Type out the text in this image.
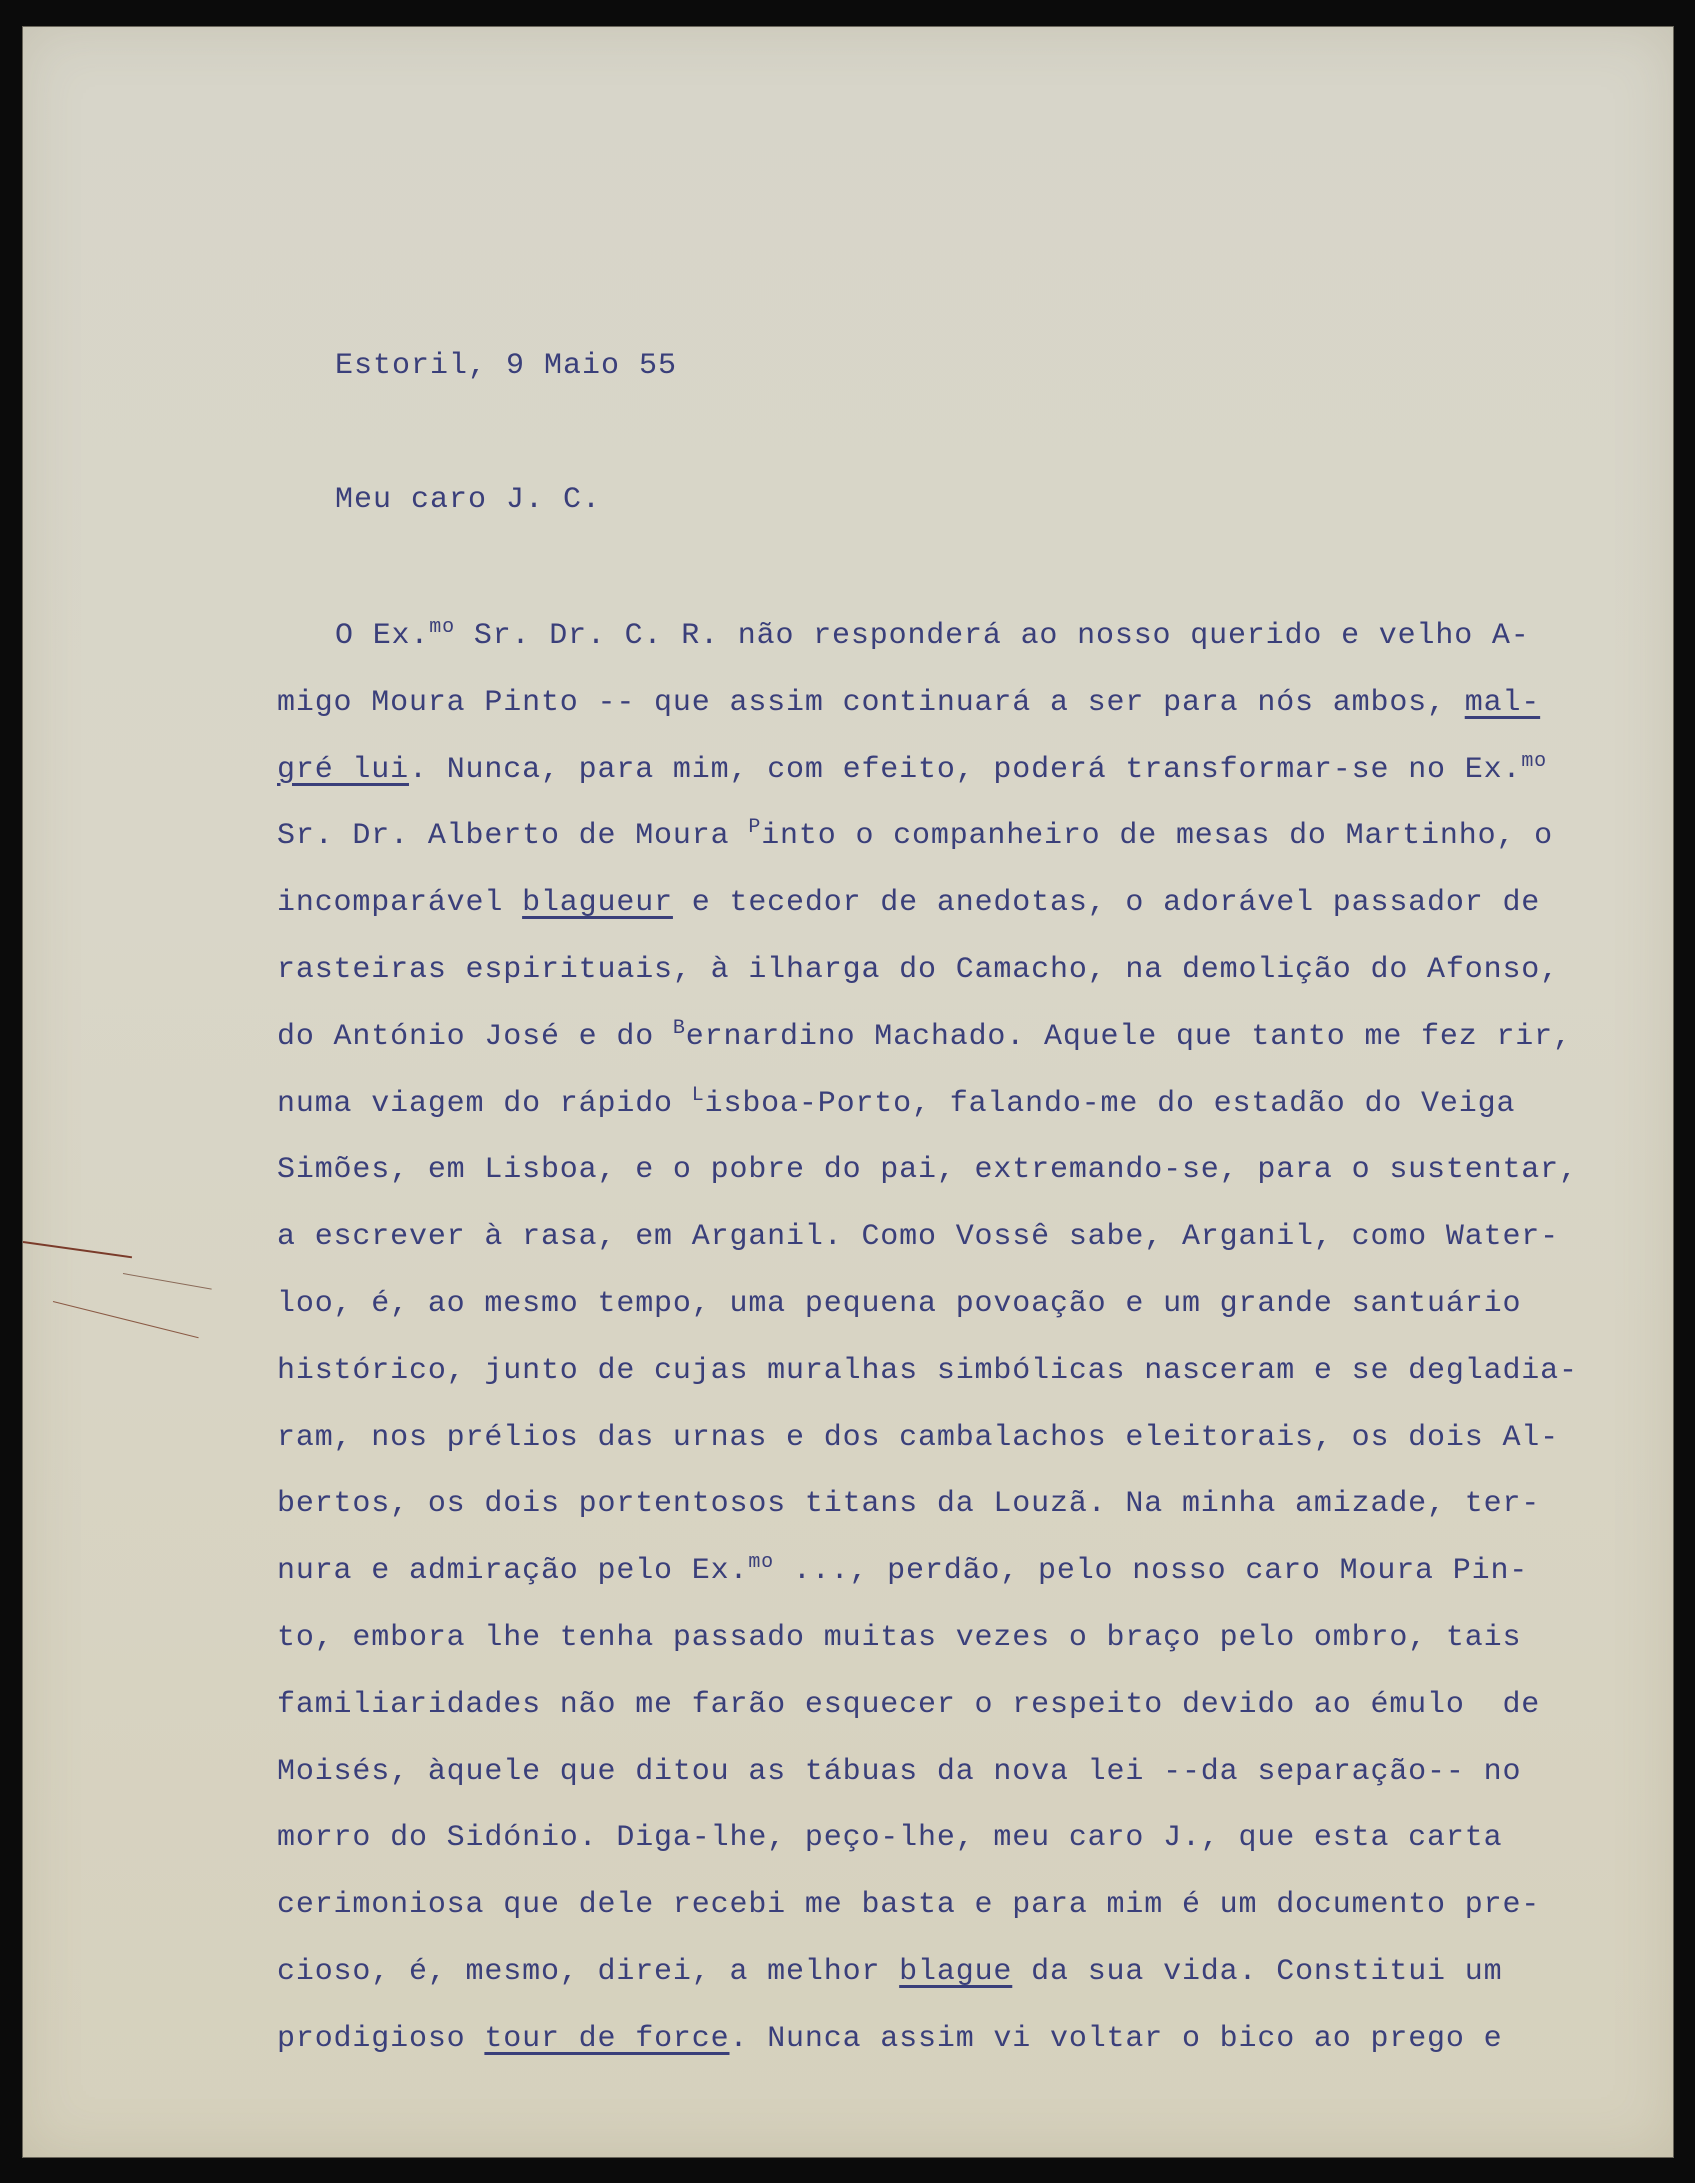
Estoril, 9 Maio 55
Meu caro J. C.
O Ex.$^{mo}$ Sr. Dr. C. R. não responderá ao nosso querido e velho A-
migo Moura Pinto -- que assim continuará a ser para nós ambos, mal-
gré lui. Nunca, para mim, com efeito, poderá transformar-se no Ex.$^{mo}$
Sr. Dr. Alberto de Moura $^P$into o companheiro de mesas do Martinho, o
incomparável blagueur e tecedor de anedotas, o adorável passador de
rasteiras espirituais, à ilharga do Camacho, na demolição do Afonso,
do António José e do $^B$ernardino Machado. Aquele que tanto me fez rir,
numa viagem do rápido $^L$isboa-Porto, falando-me do estadão do Veiga
Simões, em Lisboa, e o pobre do pai, extremando-se, para o sustentar,
a escrever à rasa, em Arganil. Como Vossê sabe, Arganil, como Water-
loo, é, ao mesmo tempo, uma pequena povoação e um grande santuário
histórico, junto de cujas muralhas simbólicas nasceram e se degladia-
ram, nos prélios das urnas e dos cambalachos eleitorais, os dois Al-
bertos, os dois portentosos titans da Louzã. Na minha amizade, ter-
nura e admiração pelo Ex.$^{mo}$ ..., perdão, pelo nosso caro Moura Pin-
to, embora lhe tenha passado muitas vezes o braço pelo ombro, tais
familiaridades não me farão esquecer o respeito devido ao émulo  de
Moisés, àquele que ditou as tábuas da nova lei --da separação-- no
morro do Sidónio. Diga-lhe, peço-lhe, meu caro J., que esta carta
cerimoniosa que dele recebi me basta e para mim é um documento pre-
cioso, é, mesmo, direi, a melhor blague da sua vida. Constitui um
prodigioso tour de force. Nunca assim vi voltar o bico ao prego e
